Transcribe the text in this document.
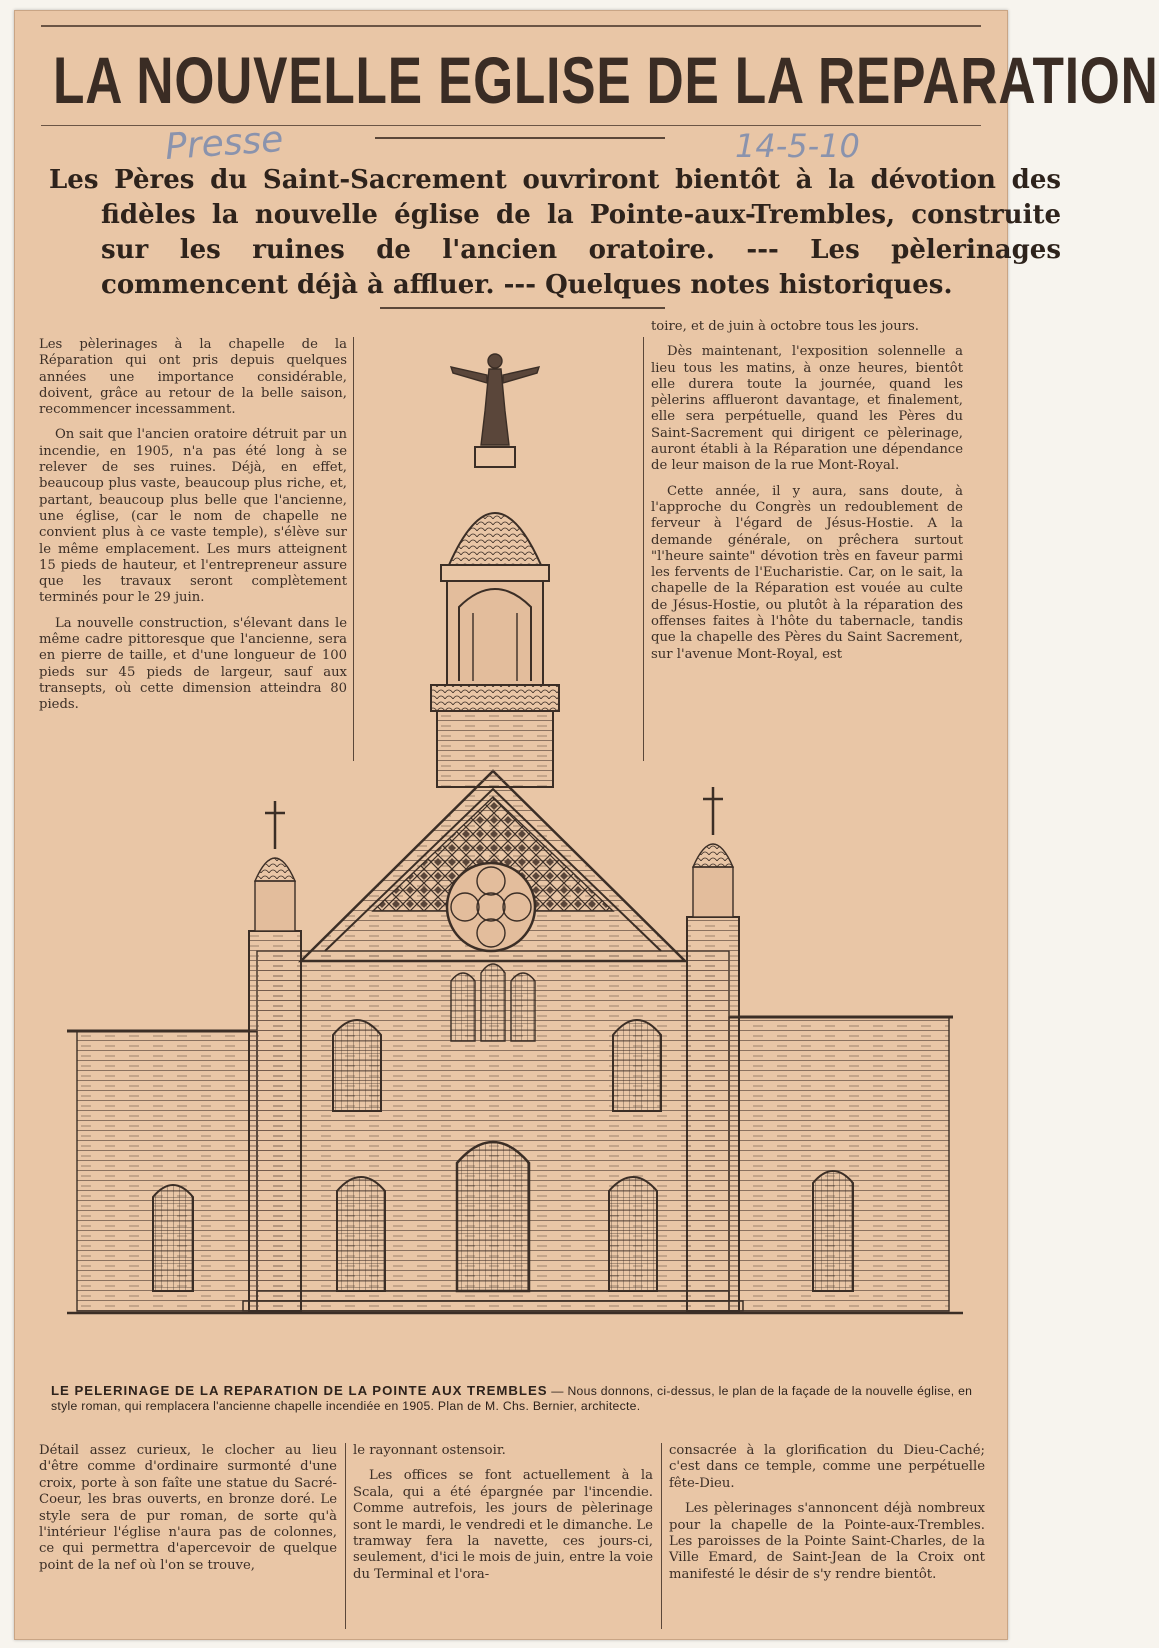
LA NOUVELLE EGLISE DE LA REPARATION
Presse	14-5-10

Les Pères du Saint-Sacrement ouvriront bientôt à la dévotion des fidèles la nouvelle église de la Pointe-aux-Trembles, construite sur les ruines de l'ancien oratoire. --- Les pèlerinages commencent déjà à affluer. --- Quelques notes historiques.

Les pèlerinages à la chapelle de la Réparation qui ont pris depuis quelques années une importance considérable, doivent, grâce au retour de la belle saison, recommencer incessamment.

On sait que l'ancien oratoire détruit par un incendie, en 1905, n'a pas été long à se relever de ses ruines. Déjà, en effet, beaucoup plus vaste, beaucoup plus riche, et, partant, beaucoup plus belle que l'ancienne, une église, (car le nom de chapelle ne convient plus à ce vaste temple), s'élève sur le même emplacement. Les murs atteignent 15 pieds de hauteur, et l'entrepreneur assure que les travaux seront complètement terminés pour le 29 juin.

La nouvelle construction, s'élevant dans le même cadre pittoresque que l'ancienne, sera en pierre de taille, et d'une longueur de 100 pieds sur 45 pieds de largeur, sauf aux transepts, où cette dimension atteindra 80 pieds.

toire, et de juin à octobre tous les jours.

Dès maintenant, l'exposition solennelle a lieu tous les matins, à onze heures, bientôt elle durera toute la journée, quand les pèlerins afflueront davantage, et finalement, elle sera perpétuelle, quand les Pères du Saint-Sacrement qui dirigent ce pèlerinage, auront établi à la Réparation une dépendance de leur maison de la rue Mont-Royal.

Cette année, il y aura, sans doute, à l'approche du Congrès un redoublement de ferveur à l'égard de Jésus-Hostie. A la demande générale, on prêchera surtout "l'heure sainte" dévotion très en faveur parmi les fervents de l'Eucharistie. Car, on le sait, la chapelle de la Réparation est vouée au culte de Jésus-Hostie, ou plutôt à la réparation des offenses faites à l'hôte du tabernacle, tandis que la chapelle des Pères du Saint Sacrement, sur l'avenue Mont-Royal, est

LE PELERINAGE DE LA REPARATION DE LA POINTE AUX TREMBLES — Nous donnons, ci-dessus, le plan de la façade de la nouvelle église, en style roman, qui remplacera l'ancienne chapelle incendiée en 1905. Plan de M. Chs. Bernier, architecte.

Détail assez curieux, le clocher au lieu d'être comme d'ordinaire surmonté d'une croix, porte à son faîte une statue du Sacré-Coeur, les bras ouverts, en bronze doré. Le style sera de pur roman, de sorte qu'à l'intérieur l'église n'aura pas de colonnes, ce qui permettra d'apercevoir de quelque point de la nef où l'on se trouve,

le rayonnant ostensoir.

Les offices se font actuellement à la Scala, qui a été épargnée par l'incendie. Comme autrefois, les jours de pèlerinage sont le mardi, le vendredi et le dimanche. Le tramway fera la navette, ces jours-ci, seulement, d'ici le mois de juin, entre la voie du Terminal et l'ora-

consacrée à la glorification du Dieu-Caché; c'est dans ce temple, comme une perpétuelle fête-Dieu.

Les pèlerinages s'annoncent déjà nombreux pour la chapelle de la Pointe-aux-Trembles. Les paroisses de la Pointe Saint-Charles, de la Ville Emard, de Saint-Jean de la Croix ont manifesté le désir de s'y rendre bientôt.
